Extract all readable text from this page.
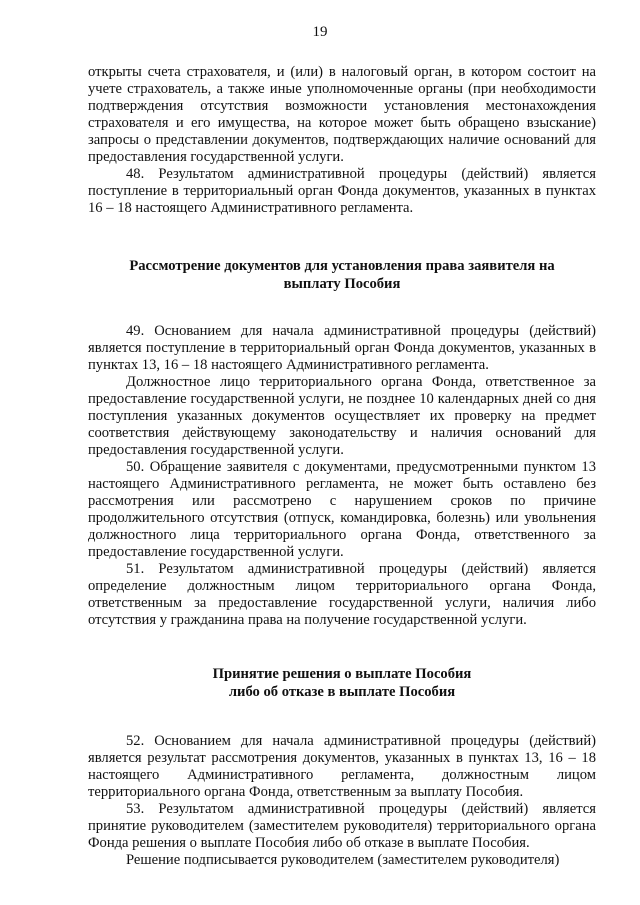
19

открыты счета страхователя, и (или) в налоговый орган, в котором состоит на учете страхователь, а также иные уполномоченные органы (при необходимости подтверждения отсутствия возможности установления местонахождения страхователя и его имущества, на которое может быть обращено взыскание) запросы о представлении документов, подтверждающих наличие оснований для предоставления государственной услуги.

48. Результатом административной процедуры (действий) является поступление в территориальный орган Фонда документов, указанных в пунктах 16 – 18 настоящего Административного регламента.

Рассмотрение документов для установления права заявителя на
выплату Пособия

49. Основанием для начала административной процедуры (действий) является поступление в территориальный орган Фонда документов, указанных в пунктах 13, 16 – 18 настоящего Административного регламента.

Должностное лицо территориального органа Фонда, ответственное за предоставление государственной услуги, не позднее 10 календарных дней со дня поступления указанных документов осуществляет их проверку на предмет соответствия действующему законодательству и наличия оснований для предоставления государственной услуги.

50. Обращение заявителя с документами, предусмотренными пунктом 13 настоящего Административного регламента, не может быть оставлено без рассмотрения или рассмотрено с нарушением сроков по причине продолжительного отсутствия (отпуск, командировка, болезнь) или увольнения должностного лица территориального органа Фонда, ответственного за предоставление государственной услуги.

51. Результатом административной процедуры (действий) является определение должностным лицом территориального органа Фонда, ответственным за предоставление государственной услуги, наличия либо отсутствия у гражданина права на получение государственной услуги.

Принятие решения о выплате Пособия
либо об отказе в выплате Пособия

52. Основанием для начала административной процедуры (действий) является результат рассмотрения документов, указанных в пунктах 13, 16 – 18 настоящего Административного регламента, должностным лицом территориального органа Фонда, ответственным за выплату Пособия.

53. Результатом административной процедуры (действий) является принятие руководителем (заместителем руководителя) территориального органа Фонда решения о выплате Пособия либо об отказе в выплате Пособия.

Решение подписывается руководителем (заместителем руководителя)
